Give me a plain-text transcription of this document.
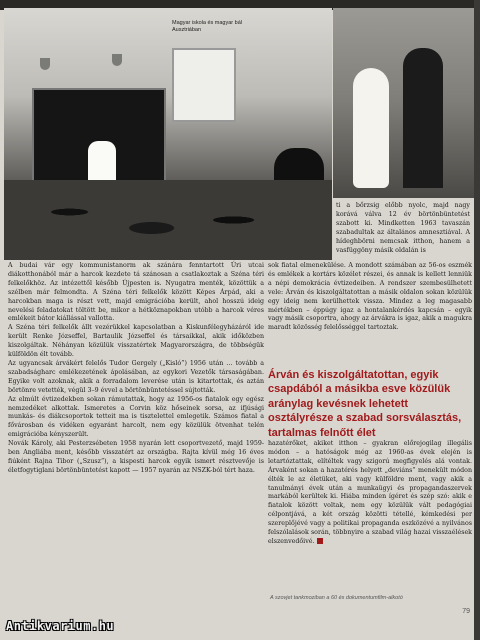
Magyar iskola és magyar bál Ausztriában

ti a bőrzsig előbb nyolc, majd nagy korává válva 12 év börtönbüntetést szabott ki. Mindketten 1963 tavaszán szabadultak az általános amnesztiával. A hídeghbörni nemcsak itthon, hanem a vasfüggöny másik oldalán is

A budai vár egy kommunistanorm ak szánára fenntartott Úri utcai diákotthonából már a harcok kezdete tá szánosan a csatlakoztak a Széna téri felkelőkhöz. Az intézettől később Újpesten is. Nyugatra menték, közöttük a szélben már felmondta. A Széna téri felkelők között Képes Árpád, aki a harcokban maga is részt vett, majd emigrációba került, ahol hosszú ideig nevelési feladatokat töltött be, mikor a hétköznapokban utóbb a harcok véres emlékeit bátor kiállással vallotta.

A Széna téri felkelők állt vezérükkel kapcsolatban a Kiskunfélegyházáról ide került Renke Józseffel, Bartaulik Józseffel és társaikkal, akik időközben kiszolgáltak. Néhányan közülük visszatértek Magyarországra, de többségük külföldön élt tovább.

Az ugyancsak árvákért felelős Tudor Gergely („Kisló”) 1956 után … tovább a szabadságharc emlékezetének ápolásában, az egykori Vezetők társaságában. Egyike volt azoknak, akik a forradalom leverése után is kitartottak, és aztán börtönre vetették, végül 3–9 évvel a börtönbüntetéssel sújtották.

Az elmúlt évtizedekben sokan rámutattak, hogy az 1956-os fiatalok egy egész nemzedéket alkottak. Ismeretes a Corvin köz hőseinek sorsa, az ifjúsági munkás- és diákcsoportok tetteit ma is tisztelettel emlegetik. Számos fiatal a fővárosban és vidéken egyaránt harcolt, nem egy közülük ötvenhat telén emigrációba kényszerült.

Novák Károly, aki Pesterzsébeten 1958 nyarán lett csoportvezető, majd 1959-ben Angliába ment, később visszatért az országba. Rajta kívül még 16 éves fiúként Rajna Tibor („Szusz”), a kispesti harcok egyik ismert résztvevője is életfogytiglani börtönbüntetést kapott — 1957 nyarán az NSZK-ból tért haza.

sok fiatal elmenekülése. A mondott számában az 56-os eszmék és emlékek a kortárs közélet részei, és annak is kellett lenniük a népi demokrácia évtizedeiben. A rendszer szembesülhetett vele: Árván és kiszolgáltatottan a másik oldalon sokan közülük egy ideig nem kerülhettek vissza. Mindez a leg magasabb mértékben – éppúgy igaz a hontalankérdés kapcsán – egyik vagy másik csoportra, ahogy az árvákra is igaz, akik a magukra maradt közösség felelősséggel tartoztak.

Árván és kiszolgáltatottan, egyik csapdából a másikba esve közülük aránylag kevésnek lehetett osztályrésze a szabad sorsválasztás, tartalmas felnőtt élet

hazatérőket, akiket itthon – gyakran előrejogilag illegális módon – a hatóságok még az 1960-as évek elején is letartóztattak, elítéltek vagy szigorú megfigyelés alá vontak. Árvaként sokan a hazatérés helyett „deviáns” menekült módon élték le az életüket, aki vagy külföldre ment, vagy akik a tanulmányi évek után a munkaügyi és propagandaszervek markából kerültek ki. Hiába minden ígéret és szép szó: akik e fiatalok között voltak, nem egy közülük vált pedagógiai célpontjává, a két ország közötti tétellé, kémkedési per szereplőjévé vagy a politikai propaganda eszközévé a nyilvános felszólalások során, többnyire a szabad világ hazai visszaélések elszenvedőivé.

A szovjet tankmoziban a 60 és dokumentumfilm-alkotó
79
Antikvarium.hu
